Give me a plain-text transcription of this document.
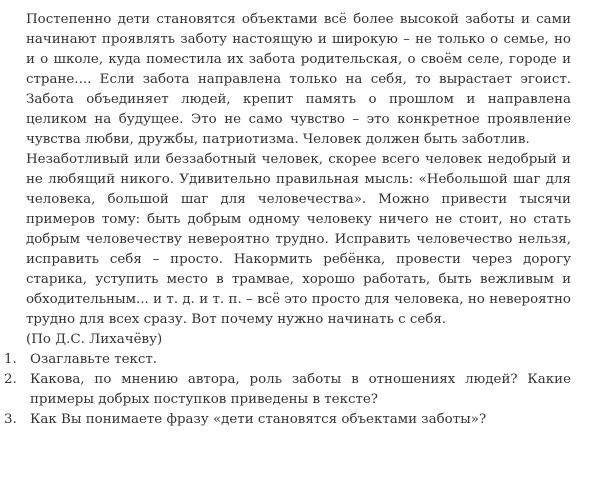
Постепенно дети становятся объектами всё более высокой заботы и сами
начинают проявлять заботу настоящую и широкую – не только о семье, но
и о школе, куда поместила их забота родительская, о своём селе, городе и
стране.... Если забота направлена только на себя, то вырастает эгоист.
Забота объединяет людей, крепит память о прошлом и направлена
целиком на будущее. Это не само чувство – это конкретное проявление
чувства любви, дружбы, патриотизма. Человек должен быть заботлив.
Незаботливый или беззаботный человек, скорее всего человек недобрый и
не любящий никого. Удивительно правильная мысль: «Небольшой шаг для
человека, большой шаг для человечества». Можно привести тысячи
примеров тому: быть добрым одному человеку ничего не стоит, но стать
добрым человечеству невероятно трудно. Исправить человечество нельзя,
исправить себя – просто. Накормить ребёнка, провести через дорогу
старика, уступить место в трамвае, хорошо работать, быть вежливым и
обходительным... и т. д. и т. п. – всё это просто для человека, но невероятно
трудно для всех сразу. Вот почему нужно начинать с себя.
(По Д.С. Лихачёву)
1. Озаглавьте текст.
2. Какова, по мнению автора, роль заботы в отношениях людей? Какие
примеры добрых поступков приведены в тексте?
3. Как Вы понимаете фразу «дети становятся объектами заботы»?
